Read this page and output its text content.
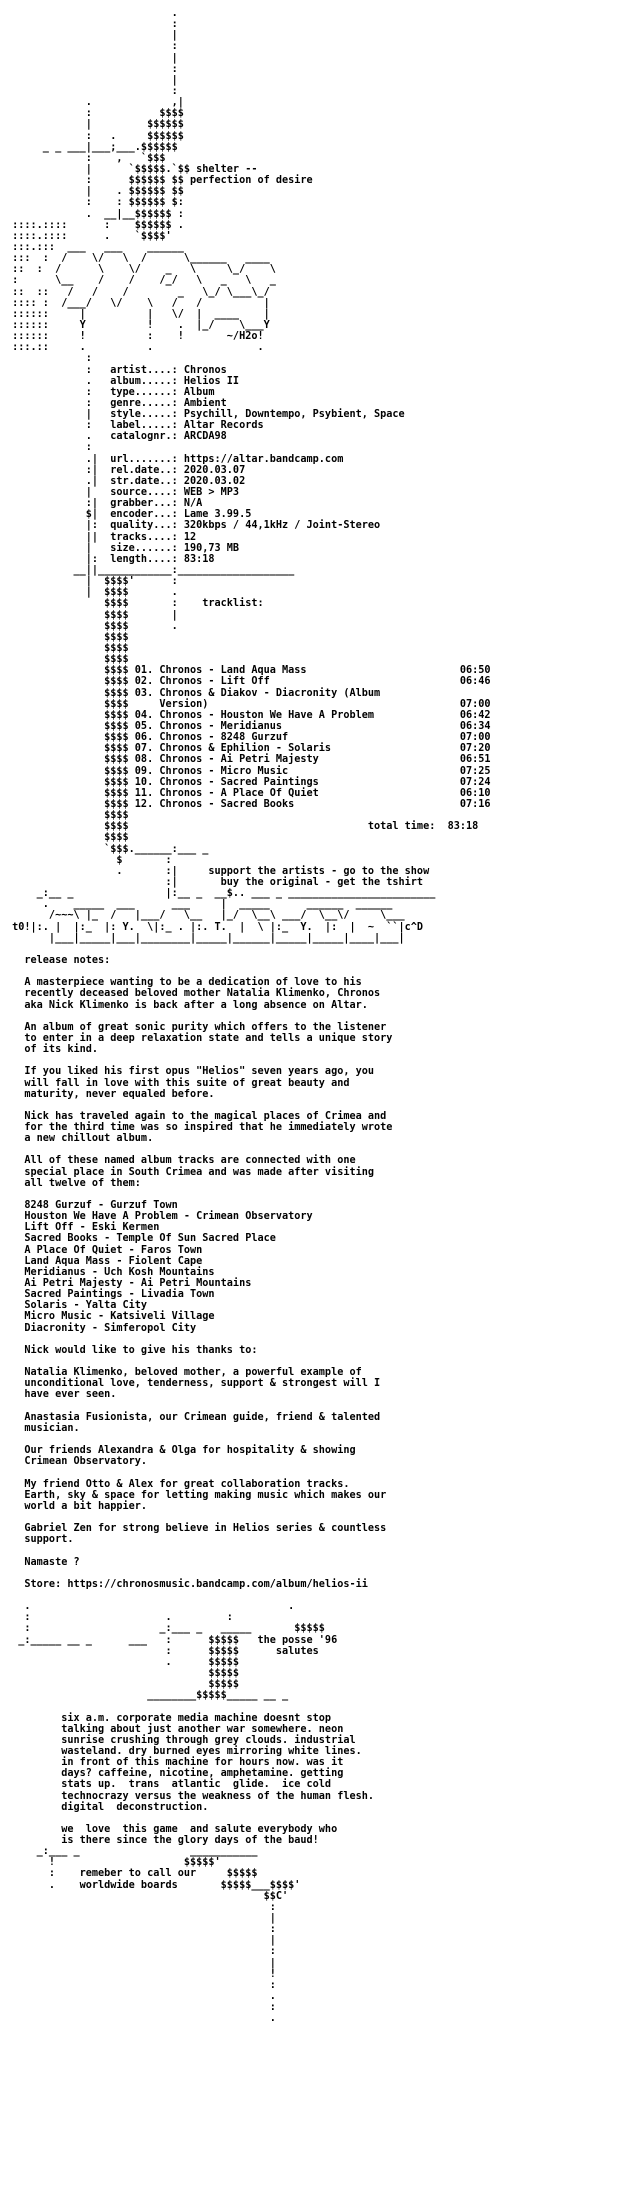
.
:
|
:
|
:
|
:
.             ,|
:           $$$$
|         $$$$$$
:   .     $$$$$$
_ _ ___|___;___.$$$$$$
:    ,   `$$$
|      `$$$$$.`$$ shelter --
:      $$$$$$ $$ perfection of desire
|    . $$$$$$ $$
:    : $$$$$$ $:
.  __|__$$$$$$ :
::::.::::      :    $$$$$$ .
::::.::::      .    `$$$$'
:::.:::  ___   ___    ______
:::  :  /    \/   \  /      \______   ____
::  :  /      \    \/    _   \     \_/    \
:      \__    /    /    /_/   \   _   \   _
::  ::   /   /    /        _   \_/ \___\_/
:::: :  /___/   \/    \   /   /          |
::::::     |          |   \/  |  ____    |
::::::     Y          !    .  |_/    \___Y
::::::     !          :    !       ~/H2o!
:::.::     .          .                 .
:
:   artist....: Chronos
.   album.....: Helios II
:   type......: Album
:   genre.....: Ambient
|   style.....: Psychill, Downtempo, Psybient, Space
:   label.....: Altar Records
.   catalognr.: ARCDA98
:
.|  url.......: https://altar.bandcamp.com
:|  rel.date..: 2020.03.07
.|  str.date..: 2020.03.02
|   source....: WEB > MP3
:|  grabber...: N/A
$|  encoder...: Lame 3.99.5
|:  quality...: 320kbps / 44,1kHz / Joint-Stereo
||  tracks....: 12
|   size......: 190,73 MB
|:  length....: 83:18
__||____________:___________________
|  $$$$'      :
|  $$$$       .
$$$$       :    tracklist:
$$$$       |
$$$$       .
$$$$
$$$$
$$$$
$$$$ 01. Chronos - Land Aqua Mass                         06:50
$$$$ 02. Chronos - Lift Off                               06:46
$$$$ 03. Chronos & Diakov - Diacronity (Album
$$$$     Version)                                         07:00
$$$$ 04. Chronos - Houston We Have A Problem              06:42
$$$$ 05. Chronos - Meridianus                             06:34
$$$$ 06. Chronos - 8248 Gurzuf                            07:00
$$$$ 07. Chronos & Ephilion - Solaris                     07:20
$$$$ 08. Chronos - Ai Petri Majesty                       06:51
$$$$ 09. Chronos - Micro Music                            07:25
$$$$ 10. Chronos - Sacred Paintings                       07:24
$$$$ 11. Chronos - A Place Of Quiet                       06:10
$$$$ 12. Chronos - Sacred Books                           07:16
$$$$
$$$$                                       total time:  83:18
$$$$
`$$$.______:___ _
$       :
.       :|     support the artists - go to the show
:|       buy the original - get the tshirt
_:__ _               |:__ _  __$.. ___ _ ________________________
.    _____  ___      ___     |  _____      ______  ______
/~~~\ |_  /   |___/   \__   |_/  \__\ ___/  \__\/     \___
t0!|:. |  |:_  |: Y.  \|:_ . |:. T.  |  \ |:_  Y.  |:  |  ~  ``|c^D
|___|_____|___|________|_____|______|_____|_____|____|___|

release notes:

A masterpiece wanting to be a dedication of love to his
recently deceased beloved mother Natalia Klimenko, Chronos
aka Nick Klimenko is back after a long absence on Altar.

An album of great sonic purity which offers to the listener
to enter in a deep relaxation state and tells a unique story
of its kind.

If you liked his first opus "Helios" seven years ago, you
will fall in love with this suite of great beauty and
maturity, never equaled before.

Nick has traveled again to the magical places of Crimea and
for the third time was so inspired that he immediately wrote
a new chillout album.

All of these named album tracks are connected with one
special place in South Crimea and was made after visiting
all twelve of them:

8248 Gurzuf - Gurzuf Town
Houston We Have A Problem - Crimean Observatory
Lift Off - Eski Kermen
Sacred Books - Temple Of Sun Sacred Place
A Place Of Quiet - Faros Town
Land Aqua Mass - Fiolent Cape
Meridianus - Uch Kosh Mountains
Ai Petri Majesty - Ai Petri Mountains
Sacred Paintings - Livadia Town
Solaris - Yalta City
Micro Music - Katsiveli Village
Diacronity - Simferopol City

Nick would like to give his thanks to:

Natalia Klimenko, beloved mother, a powerful example of
unconditional love, tenderness, support & strongest will I
have ever seen.

Anastasia Fusionista, our Crimean guide, friend & talented
musician.

Our friends Alexandra & Olga for hospitality & showing
Crimean Observatory.

My friend Otto & Alex for great collaboration tracks.
Earth, sky & space for letting making music which makes our
world a bit happier.

Gabriel Zen for strong believe in Helios series & countless
support.

Namaste ?

Store: https://chronosmusic.bandcamp.com/album/helios-ii

.                                          .
:                      .         :
:                     _:___ _   _____       $$$$$
_:_____ __ _      ___   :      $$$$$   the posse '96
:      $$$$$      salutes
.      $$$$$
$$$$$
$$$$$
________$$$$$_____ __ _

six a.m. corporate media machine doesnt stop
talking about just another war somewhere. neon
sunrise crushing through grey clouds. industrial
wasteland. dry burned eyes mirroring white lines.
in front of this machine for hours now. was it
days? caffeine, nicotine, amphetamine. getting
stats up.  trans  atlantic  glide.  ice cold
technocrazy versus the weakness of the human flesh.
digital  deconstruction.

we  love  this game  and salute everybody who
is there since the glory days of the baud!
_:___ _                  ___________
!                     $$$$$'
:    remeber to call our     $$$$$
.    worldwide boards       $$$$$___$$$$'
$$C'
:
|
:
|
:
|
!
:
.
:
.
